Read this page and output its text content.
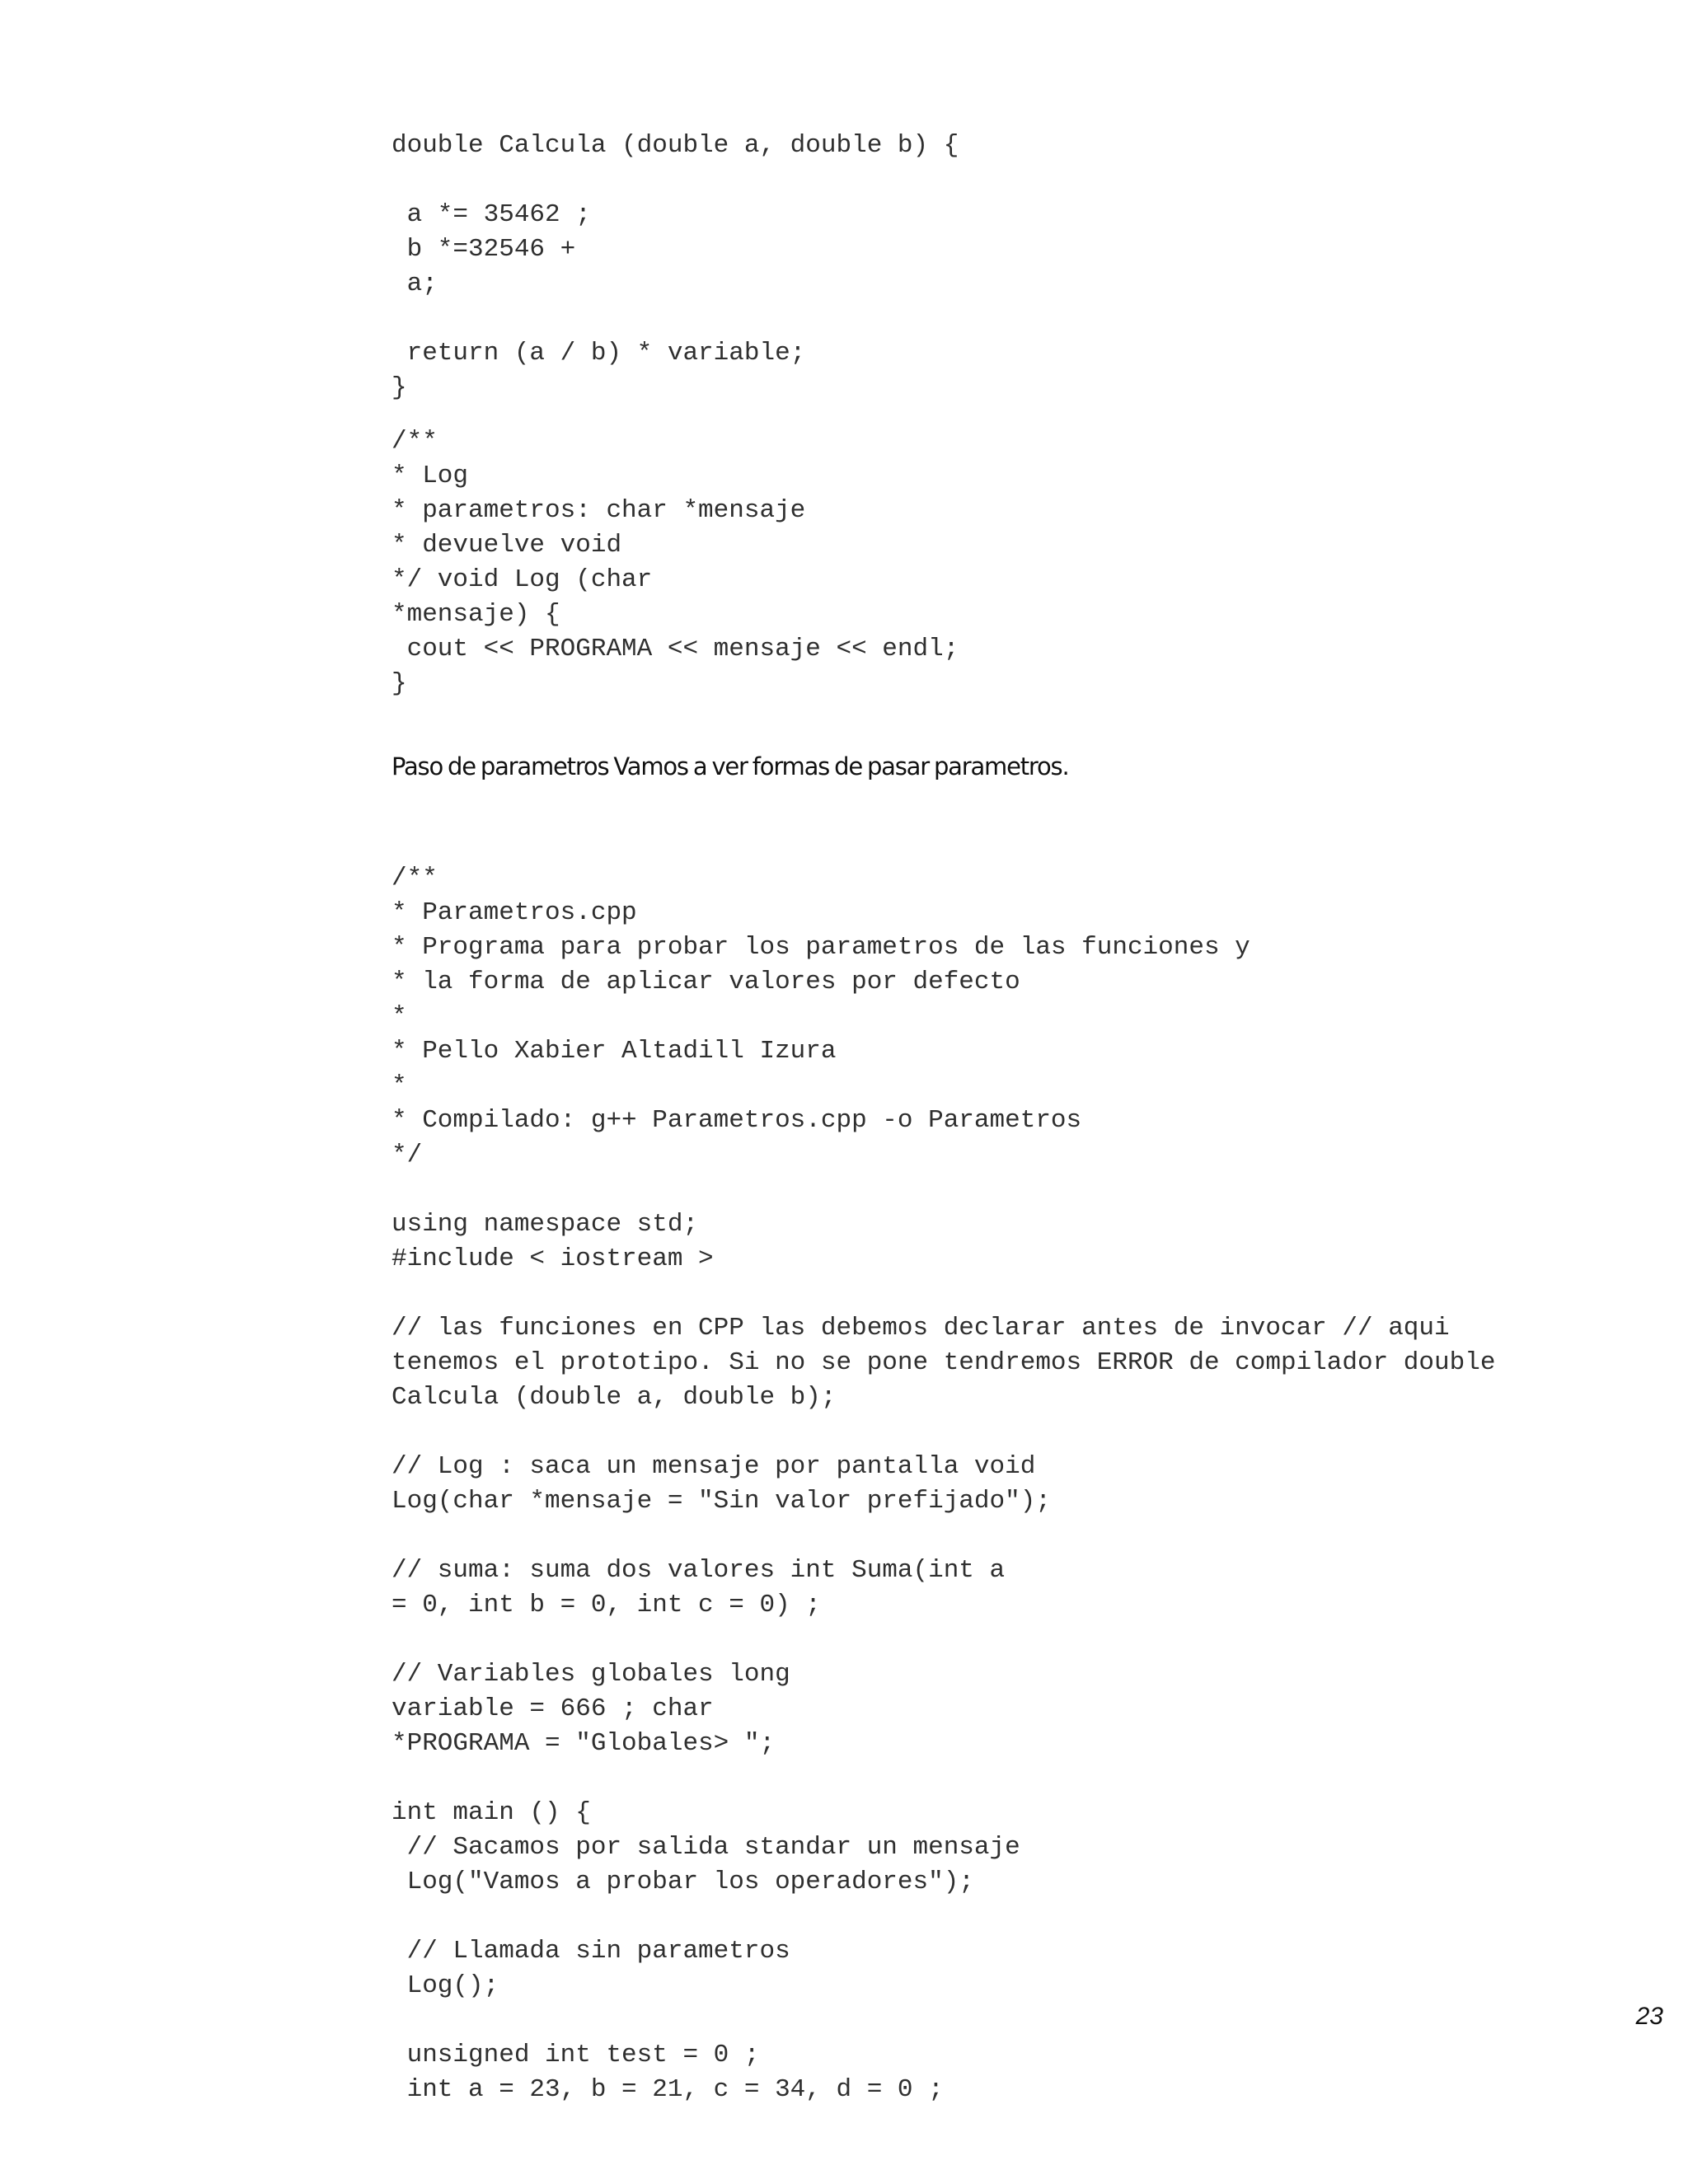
double Calcula (double a, double b) {
a *= 35462 ;
b *=32546 +
a;
return (a / b) * variable;
}
/**
* Log
* parametros: char *mensaje
* devuelve void
*/ void Log (char
*mensaje) {
cout << PROGRAMA << mensaje << endl;
}
Paso de parametros Vamos a ver formas de pasar parametros.
/**
* Parametros.cpp
* Programa para probar los parametros de las funciones y
* la forma de aplicar valores por defecto
*
* Pello Xabier Altadill Izura
*
* Compilado: g++ Parametros.cpp -o Parametros
*/
using namespace std;
#include < iostream >
// las funciones en CPP las debemos declarar antes de invocar // aqui
tenemos el prototipo. Si no se pone tendremos ERROR de compilador double
Calcula (double a, double b);
// Log : saca un mensaje por pantalla void
Log(char *mensaje = "Sin valor prefijado");
// suma: suma dos valores int Suma(int a
= 0, int b = 0, int c = 0) ;
// Variables globales long
variable = 666 ; char
*PROGRAMA = "Globales> ";
int main () {
// Sacamos por salida standar un mensaje
Log("Vamos a probar los operadores");
// Llamada sin parametros
Log();
unsigned int test = 0 ;
int a = 23, b = 21, c = 34, d = 0 ;
23
